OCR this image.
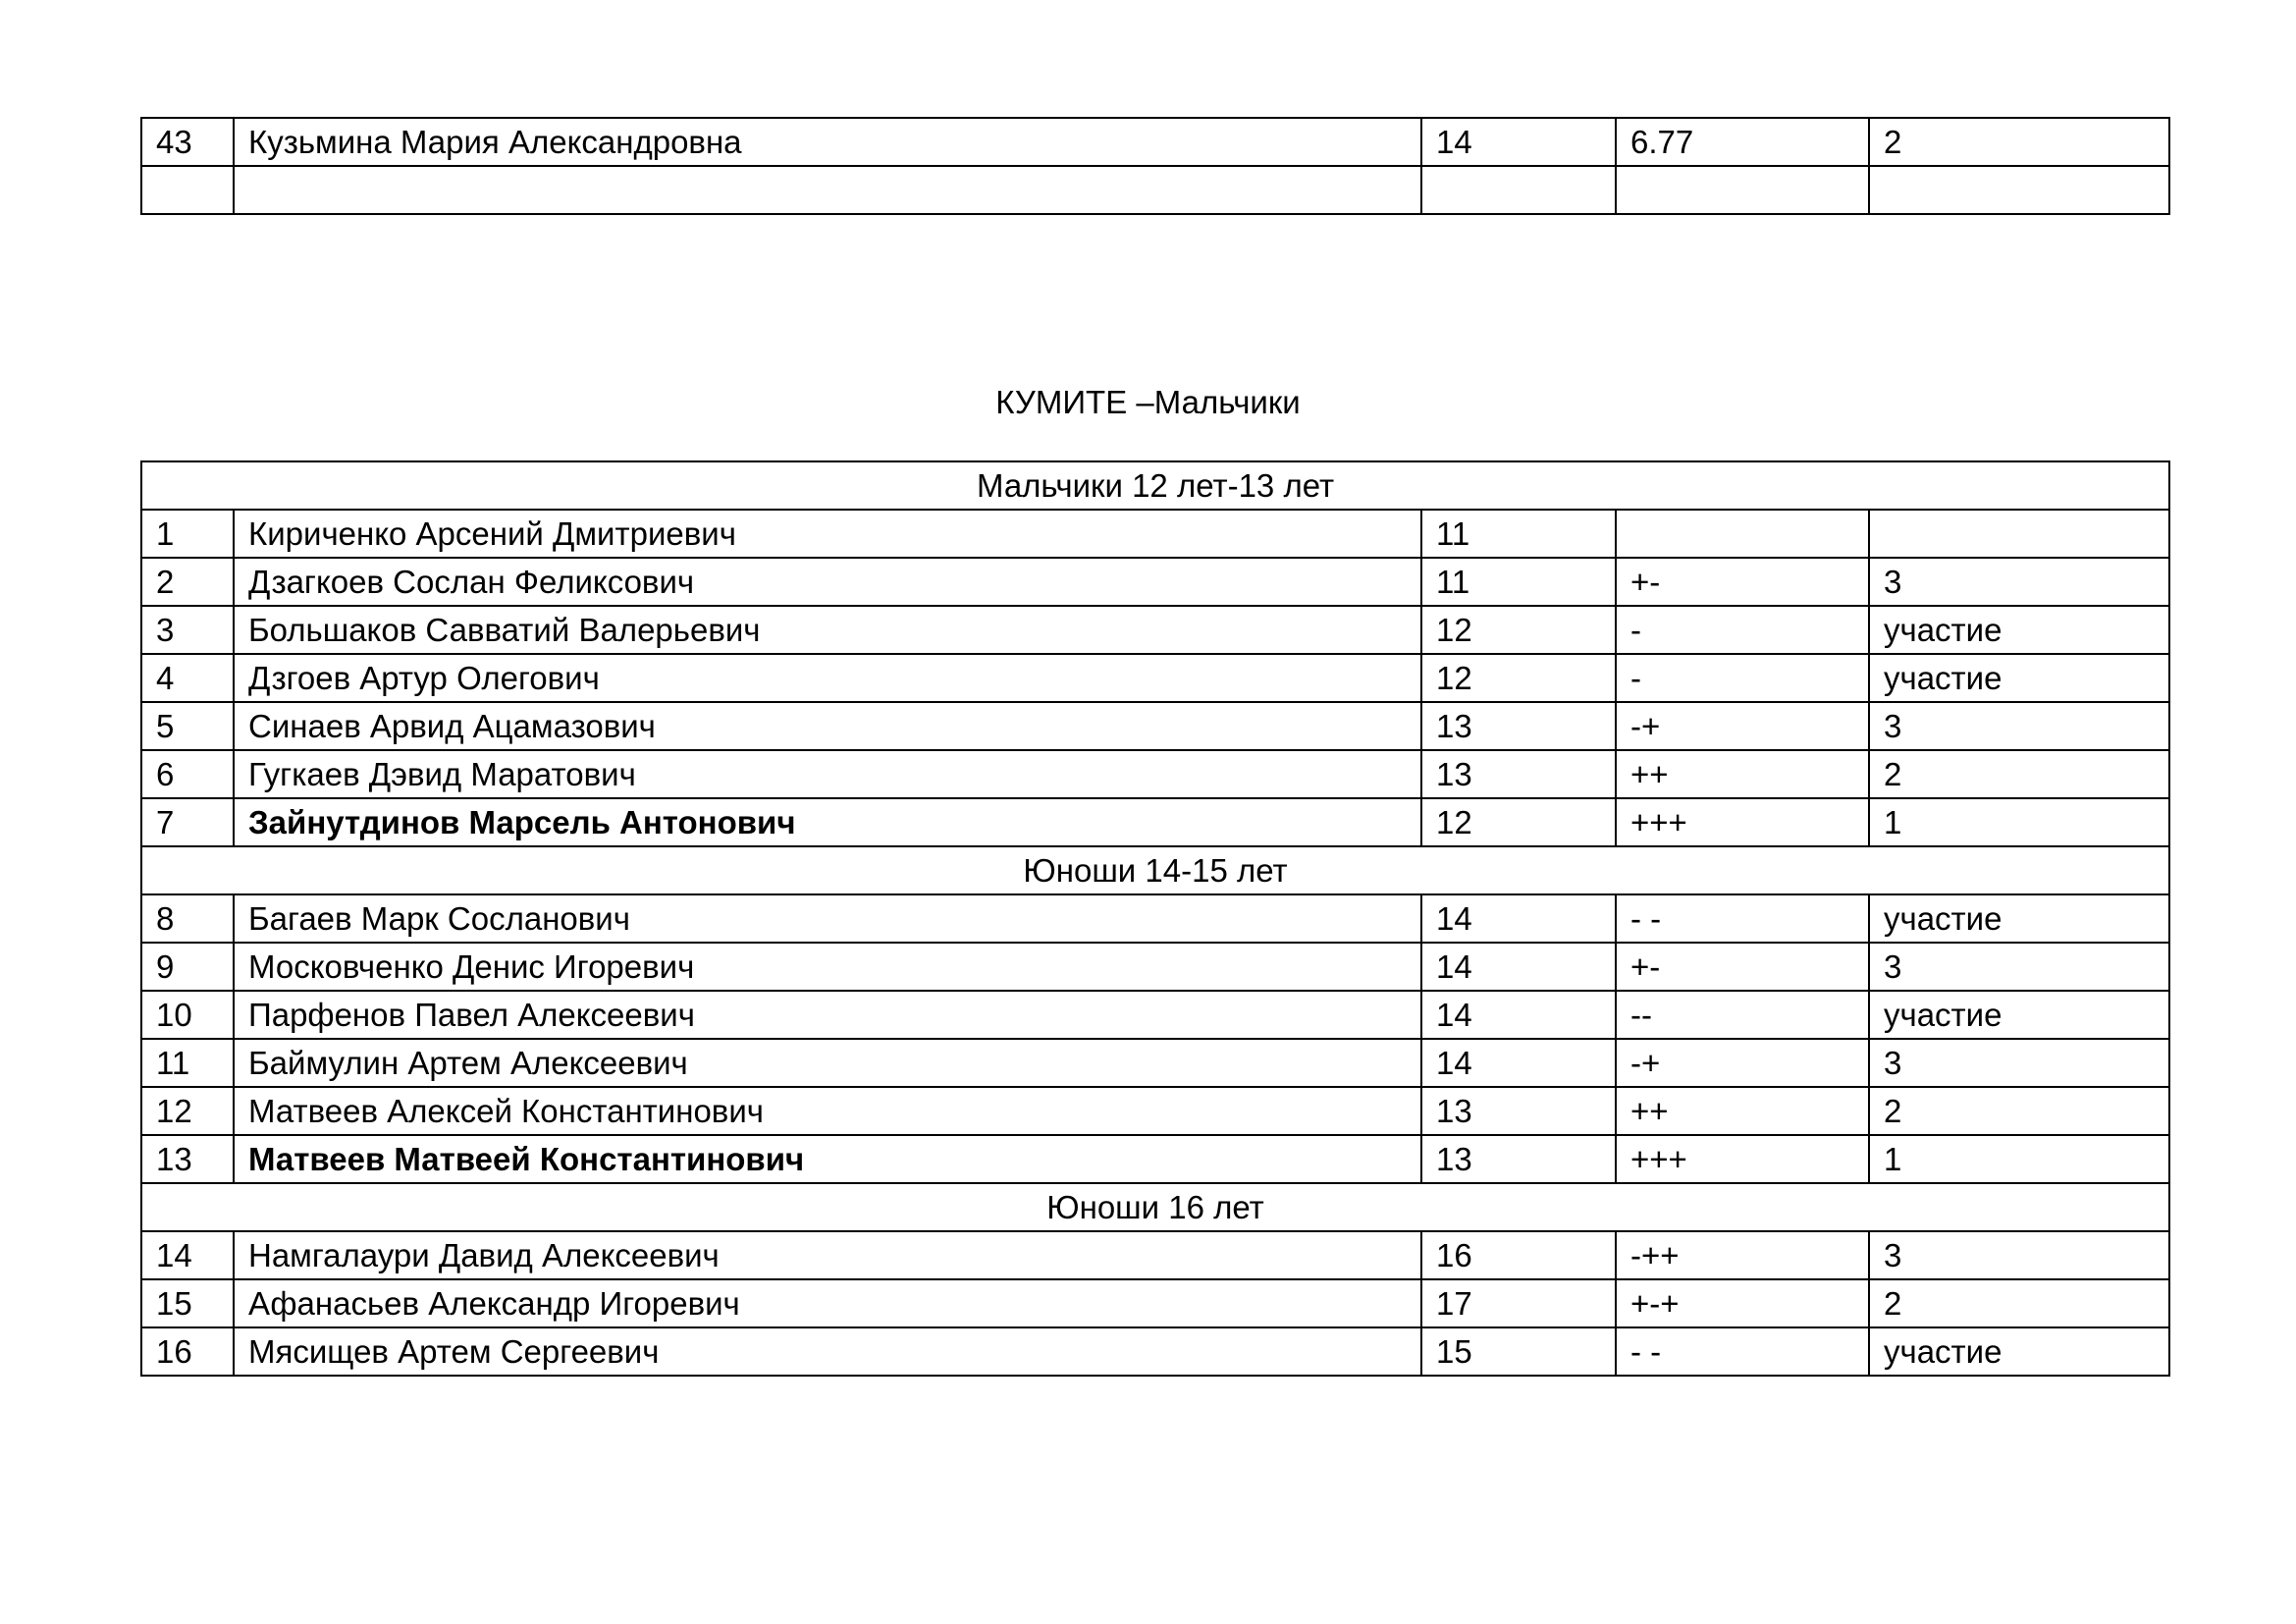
43	Кузьмина Мария Александровна	14	6.77	2

КУМИТЕ –Мальчики
Мальчики 12 лет-13 лет				
1	Кириченко Арсений Дмитриевич	11		
2	Дзагкоев Сослан Феликсович	11	+-	3
3	Большаков Савватий Валерьевич	12	-	участие
4	Дзгоев Артур Олегович	12	-	участие
5	Синаев Арвид Ацамазович	13	-+	3
6	Гугкаев Дэвид Маратович	13	++	2
7	Зайнутдинов Марсель Антонович	12	+++	1
Юноши 14-15 лет				
8	Багаев Марк Сосланович	14	- -	участие
9	Московченко Денис Игоревич	14	+-	3
10	Парфенов Павел Алексеевич	14	--	участие
11	Баймулин Артем Алексеевич	14	-+	3
12	Матвеев Алексей Константинович	13	++	2
13	Матвеев Матвеей Константинович	13	+++	1
Юноши 16 лет				
14	Намгалаури Давид Алексеевич	16	-++	3
15	Афанасьев Александр Игоревич	17	+-+	2
16	Мясищев Артем Сергеевич	15	- -	участие
